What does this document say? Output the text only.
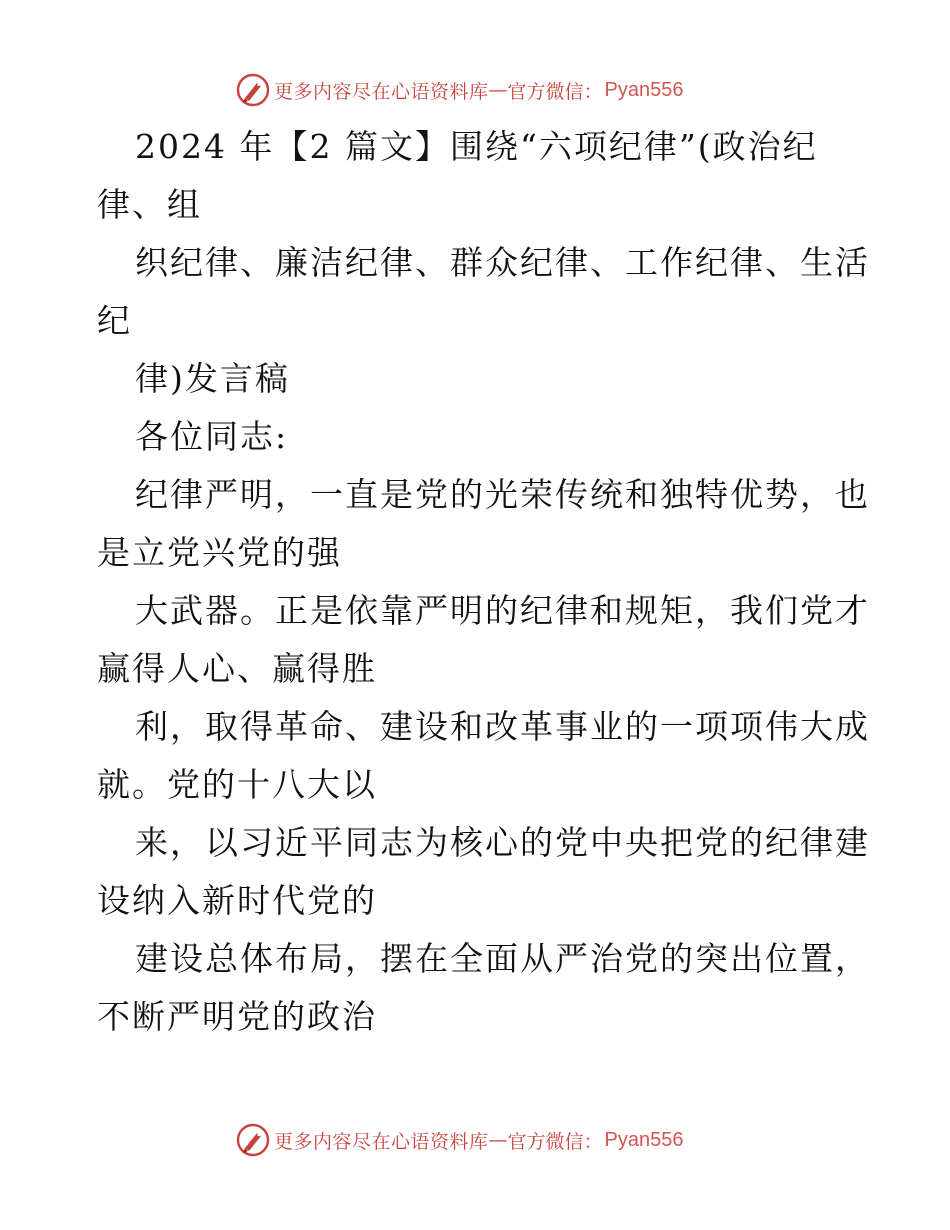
更多内容尽在心语资料库 — 官方微信： Pyan556
2024 年【2 篇文】围绕“六项纪律”(政治纪
律、组
织纪律、廉洁纪律、群众纪律、工作纪律、生活
纪
律)发言稿
各位同志:
纪律严明，一直是党的光荣传统和独特优势，也
是立党兴党的强
大武器。正是依靠严明的纪律和规矩，我们党才
赢得人心、赢得胜
利，取得革命、建设和改革事业的一项项伟大成
就。党的十八大以
来，以习近平同志为核心的党中央把党的纪律建
设纳入新时代党的
建设总体布局，摆在全面从严治党的突出位置，
不断严明党的政治
更多内容尽在心语资料库 — 官方微信： Pyan556
